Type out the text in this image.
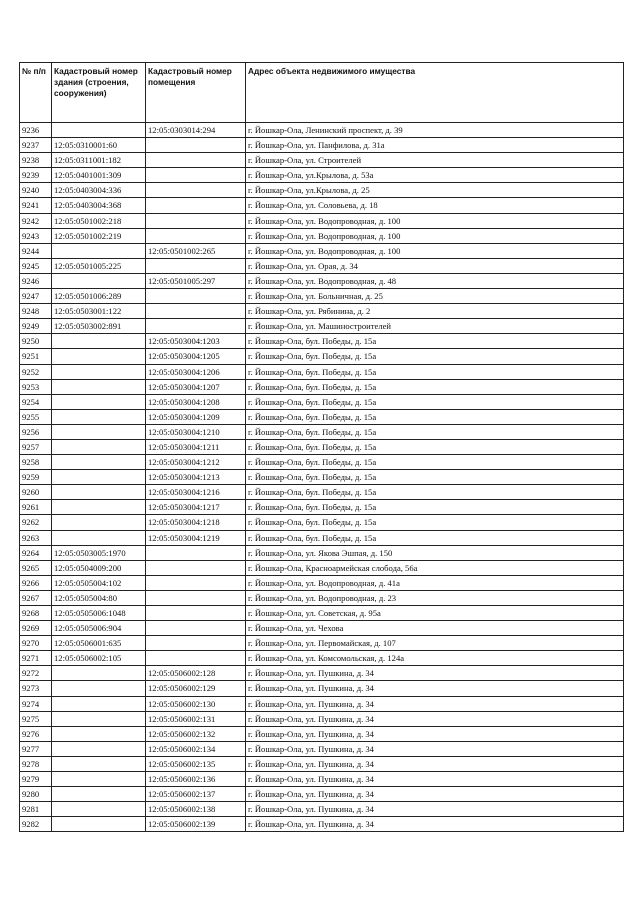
№ п/п	Кадастровый номер здания (строения, сооружения)	Кадастровый номер помещения	Адрес объекта недвижимого имущества
9236		12:05:0303014:294	г. Йошкар-Ола, Ленинский проспект, д. 39
9237	12:05:0310001:60		г. Йошкар-Ола, ул. Панфилова, д. 31а
9238	12:05:0311001:182		г. Йошкар-Ола, ул. Строителей
9239	12:05:0401001:309		г. Йошкар-Ола, ул.Крылова, д. 53а
9240	12:05:0403004:336		г. Йошкар-Ола, ул.Крылова, д. 25
9241	12:05:0403004:368		г. Йошкар-Ола, ул. Соловьева, д. 18
9242	12:05:0501002:218		г. Йошкар-Ола, ул. Водопроводная, д. 100
9243	12:05:0501002:219		г. Йошкар-Ола, ул. Водопроводная, д. 100
9244		12:05:0501002:265	г. Йошкар-Ола, ул. Водопроводная, д. 100
9245	12:05:0501005:225		г. Йошкар-Ола, ул. Орая, д. 34
9246		12:05:0501005:297	г. Йошкар-Ола, ул. Водопроводная, д. 48
9247	12:05:0501006:289		г. Йошкар-Ола, ул. Больничная, д. 25
9248	12:05:0503001:122		г. Йошкар-Ола, ул. Рябинина, д. 2
9249	12:05:0503002:891		г. Йошкар-Ола, ул. Машиностроителей
9250		12:05:0503004:1203	г. Йошкар-Ола, бул. Победы, д. 15а
9251		12:05:0503004:1205	г. Йошкар-Ола, бул. Победы, д. 15а
9252		12:05:0503004:1206	г. Йошкар-Ола, бул. Победы, д. 15а
9253		12:05:0503004:1207	г. Йошкар-Ола, бул. Победы, д. 15а
9254		12:05:0503004:1208	г. Йошкар-Ола, бул. Победы, д. 15а
9255		12:05:0503004:1209	г. Йошкар-Ола, бул. Победы, д. 15а
9256		12:05:0503004:1210	г. Йошкар-Ола, бул. Победы, д. 15а
9257		12:05:0503004:1211	г. Йошкар-Ола, бул. Победы, д. 15а
9258		12:05:0503004:1212	г. Йошкар-Ола, бул. Победы, д. 15а
9259		12:05:0503004:1213	г. Йошкар-Ола, бул. Победы, д. 15а
9260		12:05:0503004:1216	г. Йошкар-Ола, бул. Победы, д. 15а
9261		12:05:0503004:1217	г. Йошкар-Ола, бул. Победы, д. 15а
9262		12:05:0503004:1218	г. Йошкар-Ола, бул. Победы, д. 15а
9263		12:05:0503004:1219	г. Йошкар-Ола, бул. Победы, д. 15а
9264	12:05:0503005:1970		г. Йошкар-Ола, ул. Якова Эшпая, д. 150
9265	12:05:0504009:200		г. Йошкар-Ола, Красноармейская слобода, 56а
9266	12:05:0505004:102		г. Йошкар-Ола, ул. Водопроводная, д. 41а
9267	12:05:0505004:80		г. Йошкар-Ола, ул. Водопроводная, д. 23
9268	12:05:0505006:1048		г. Йошкар-Ола, ул. Советская, д. 95а
9269	12:05:0505006:904		г. Йошкар-Ола, ул. Чехова
9270	12:05:0506001:635		г. Йошкар-Ола, ул. Первомайская, д. 107
9271	12:05:0506002:105		г. Йошкар-Ола, ул. Комсомольская, д. 124а
9272		12:05:0506002:128	г. Йошкар-Ола, ул. Пушкина, д. 34
9273		12:05:0506002:129	г. Йошкар-Ола, ул. Пушкина, д. 34
9274		12:05:0506002:130	г. Йошкар-Ола, ул. Пушкина, д. 34
9275		12:05:0506002:131	г. Йошкар-Ола, ул. Пушкина, д. 34
9276		12:05:0506002:132	г. Йошкар-Ола, ул. Пушкина, д. 34
9277		12:05:0506002:134	г. Йошкар-Ола, ул. Пушкина, д. 34
9278		12:05:0506002:135	г. Йошкар-Ола, ул. Пушкина, д. 34
9279		12:05:0506002:136	г. Йошкар-Ола, ул. Пушкина, д. 34
9280		12:05:0506002:137	г. Йошкар-Ола, ул. Пушкина, д. 34
9281		12:05:0506002:138	г. Йошкар-Ола, ул. Пушкина, д. 34
9282		12:05:0506002:139	г. Йошкар-Ола, ул. Пушкина, д. 34
